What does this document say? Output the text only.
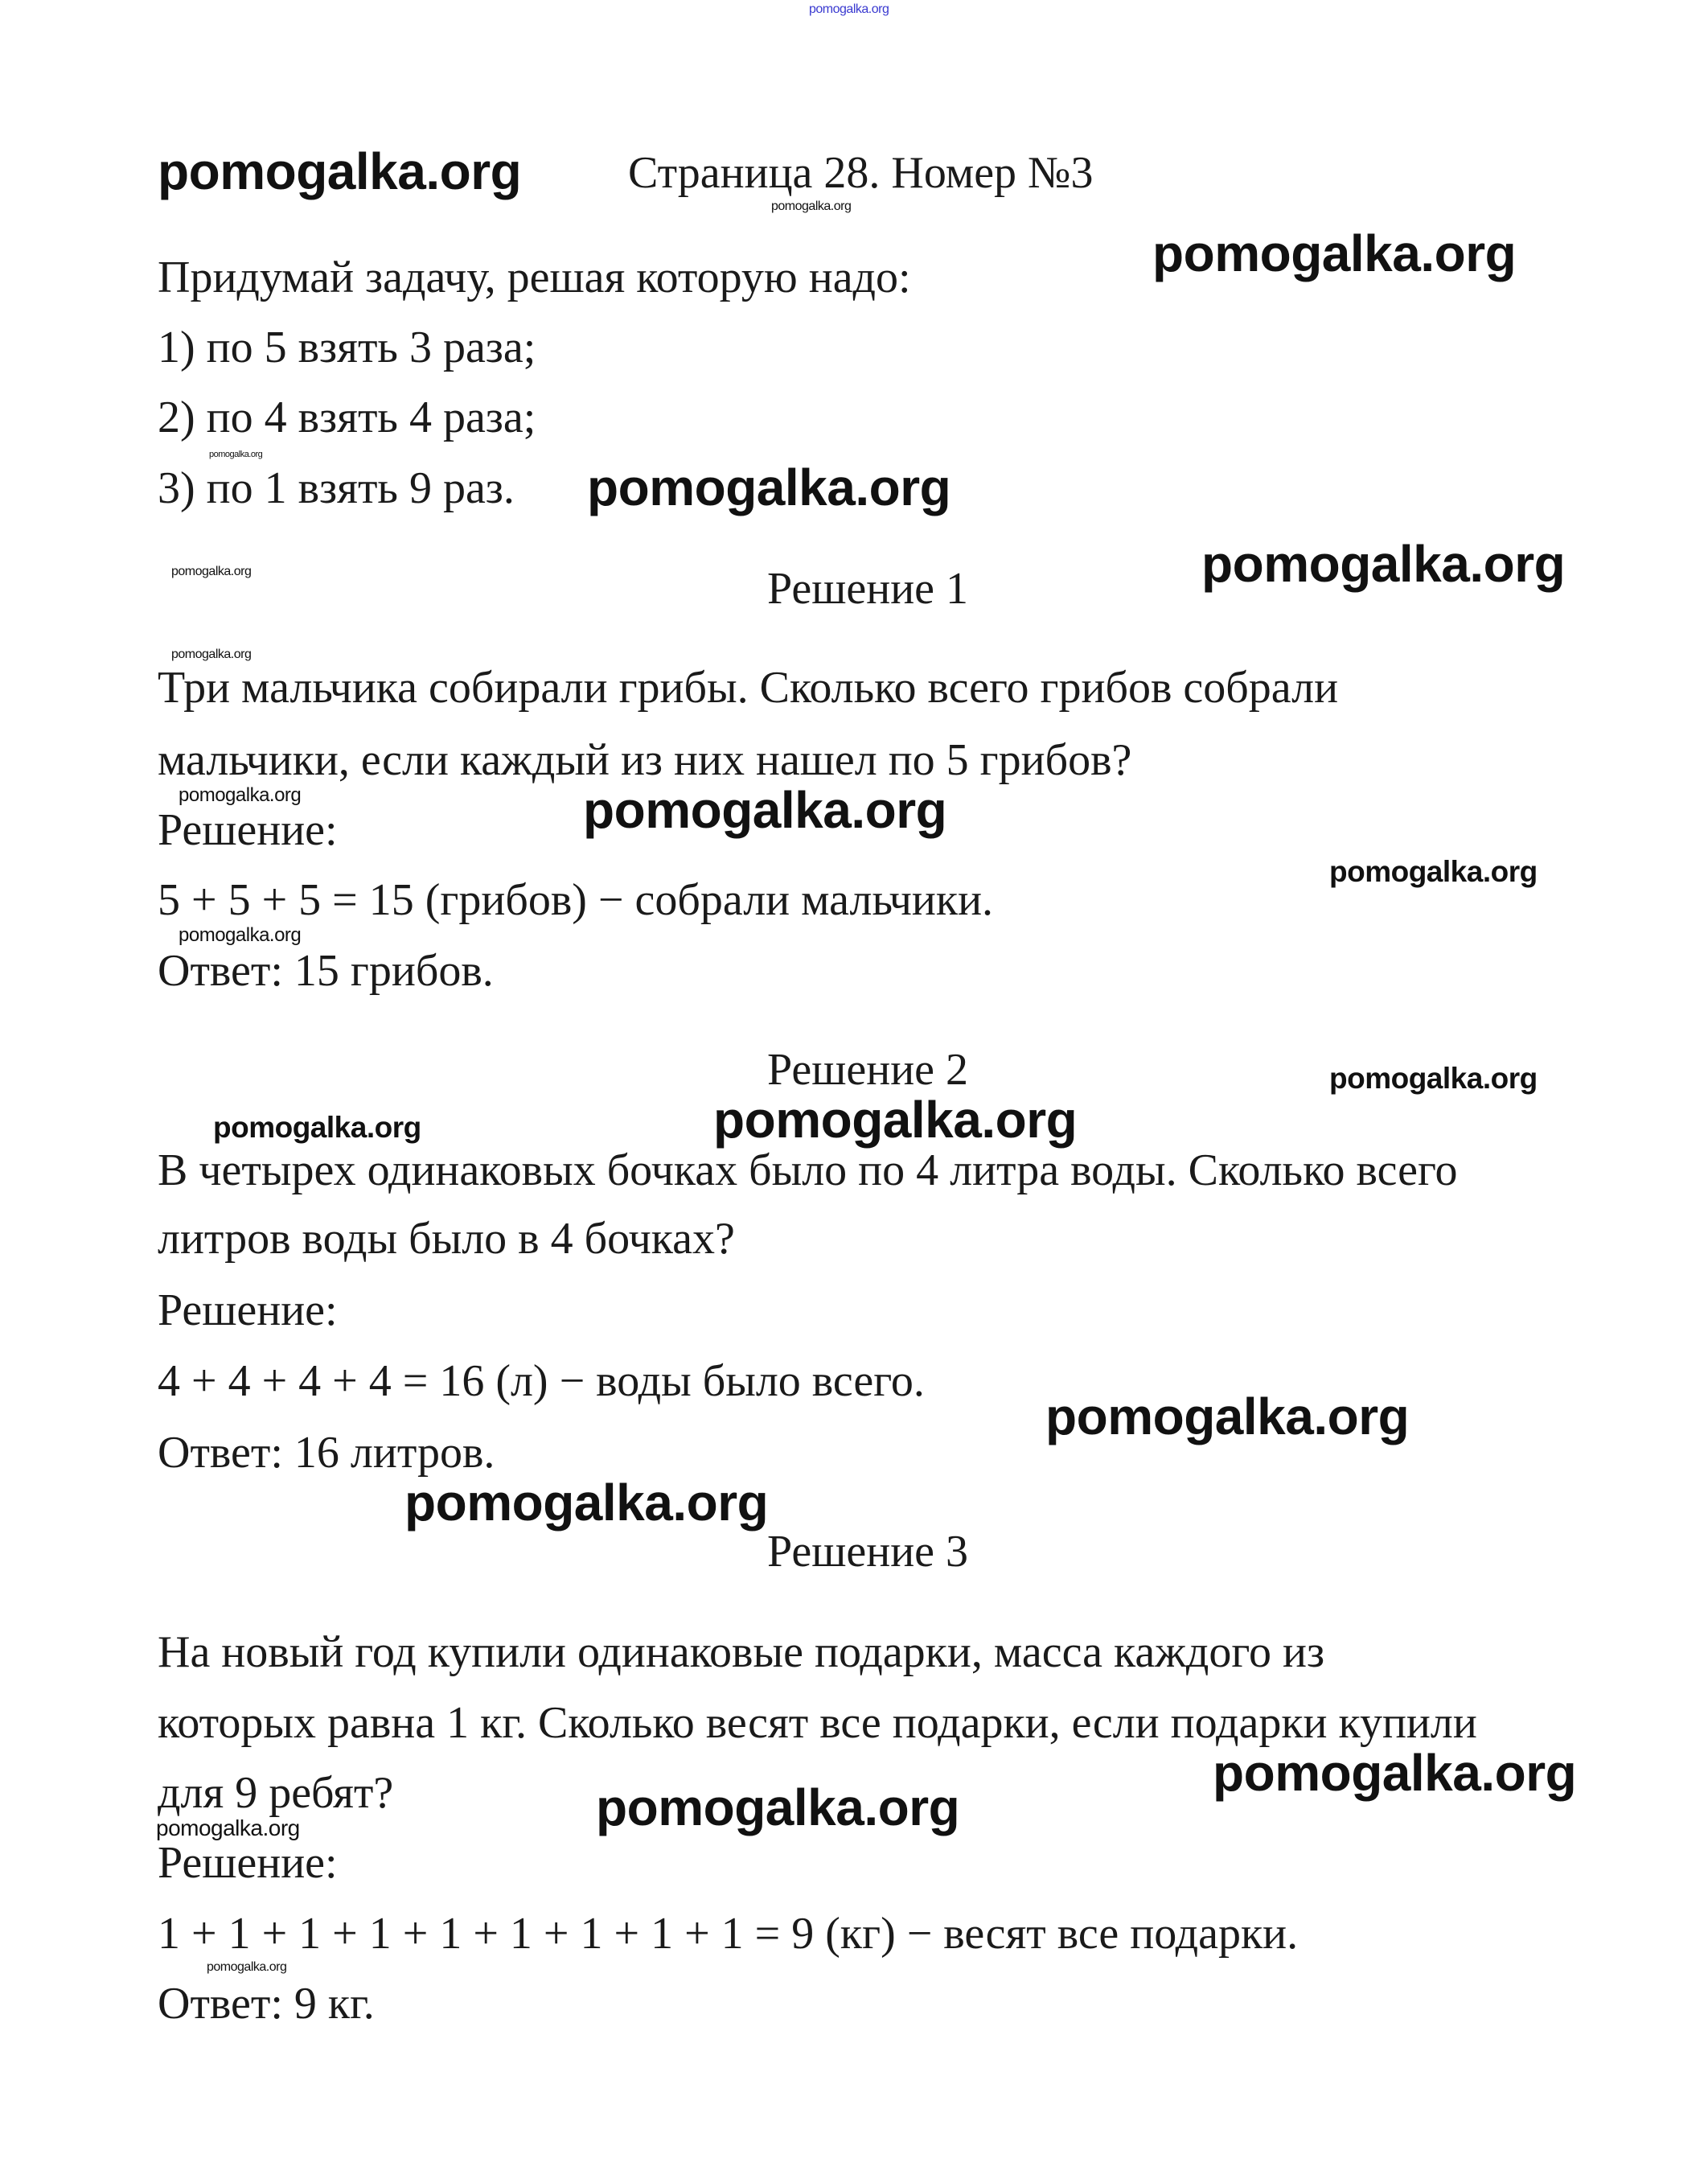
Страница 28. Номер №3
Придумай задачу, решая которую надо:
1) по 5 взять 3 раза;
2) по 4 взять 4 раза;
3) по 1 взять 9 раз.
Решение 1
Три мальчика собирали грибы. Сколько всего грибов собрали
мальчики, если каждый из них нашел по 5 грибов?
Решение:
5 + 5 + 5 = 15 (грибов) − собрали мальчики.
Ответ: 15 грибов.
Решение 2
В четырех одинаковых бочках было по 4 литра воды. Сколько всего
литров воды было в 4 бочках?
Решение:
4 + 4 + 4 + 4 = 16 (л) − воды было всего.
Ответ: 16 литров.
Решение 3
На новый год купили одинаковые подарки, масса каждого из
которых равна 1 кг. Сколько весят все подарки, если подарки купили
для 9 ребят?
Решение:
1 + 1 + 1 + 1 + 1 + 1 + 1 + 1 + 1 = 9 (кг) − весят все подарки.
Ответ: 9 кг.
pomogalka.org
pomogalka.org
pomogalka.org
pomogalka.org
pomogalka.org
pomogalka.org
pomogalka.org	pomogalka.org
pomogalka.org
pomogalka.org
pomogalka.org
pomogalka.org
pomogalka.org
pomogalka.org
pomogalka.org
pomogalka.org
pomogalka.org
pomogalka.org
pomogalka.org
pomogalka.org
pomogalka.org
pomogalka.org
